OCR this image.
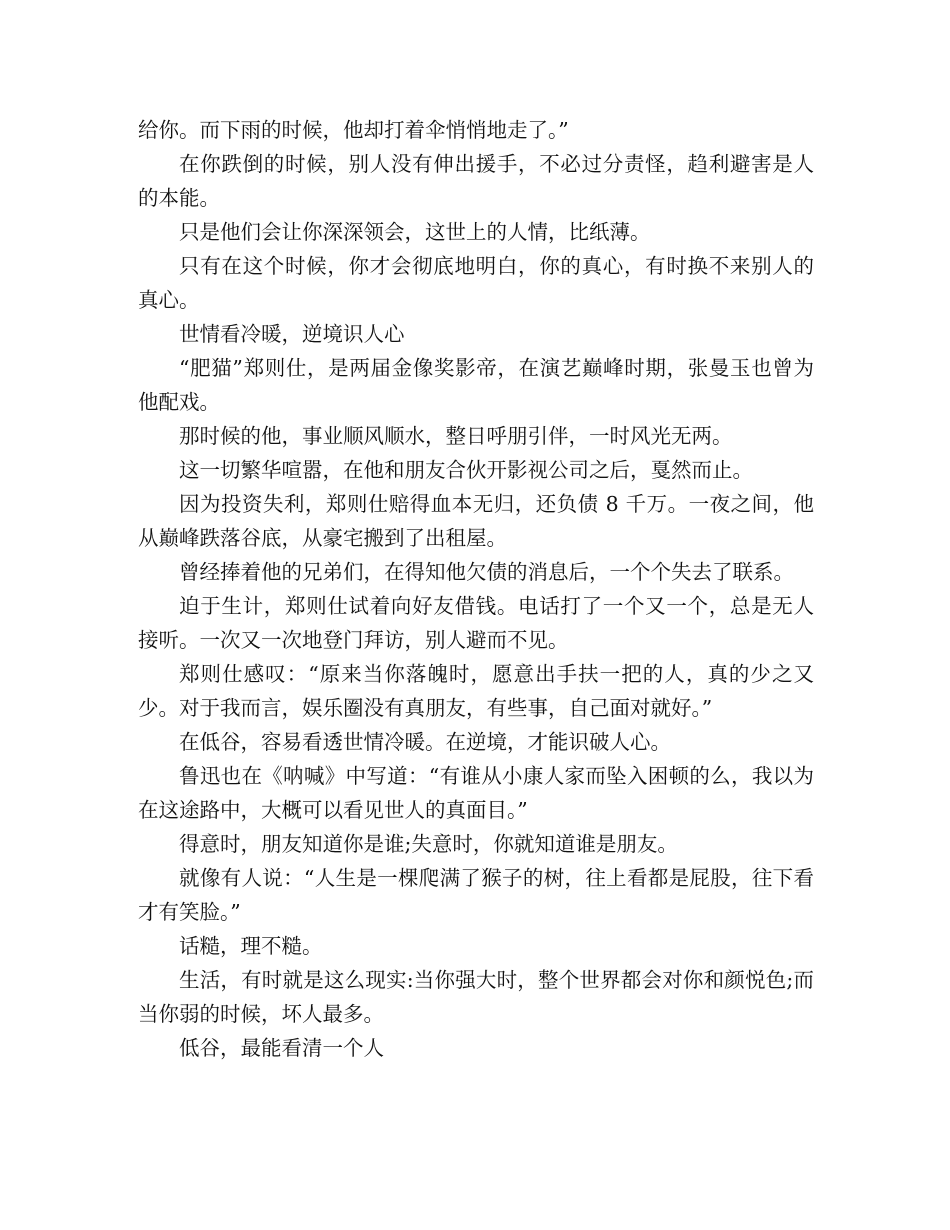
给你。而下雨的时候，他却打着伞悄悄地走了。”

在你跌倒的时候，别人没有伸出援手，不必过分责怪，趋利避害是人的本能。

只是他们会让你深深领会，这世上的人情，比纸薄。

只有在这个时候，你才会彻底地明白，你的真心，有时换不来别人的真心。

世情看冷暖，逆境识人心

“肥猫”郑则仕，是两届金像奖影帝，在演艺巅峰时期，张曼玉也曾为他配戏。

那时候的他，事业顺风顺水，整日呼朋引伴，一时风光无两。

这一切繁华喧嚣，在他和朋友合伙开影视公司之后，戛然而止。

因为投资失利，郑则仕赔得血本无归，还负债 8 千万。一夜之间，他从巅峰跌落谷底，从豪宅搬到了出租屋。

曾经捧着他的兄弟们，在得知他欠债的消息后，一个个失去了联系。

迫于生计，郑则仕试着向好友借钱。电话打了一个又一个，总是无人接听。一次又一次地登门拜访，别人避而不见。

郑则仕感叹：“原来当你落魄时，愿意出手扶一把的人，真的少之又少。对于我而言，娱乐圈没有真朋友，有些事，自己面对就好。”

在低谷，容易看透世情冷暖。在逆境，才能识破人心。

鲁迅也在《呐喊》中写道：“有谁从小康人家而坠入困顿的么，我以为在这途路中，大概可以看见世人的真面目。”

得意时，朋友知道你是谁;失意时，你就知道谁是朋友。

就像有人说：“人生是一棵爬满了猴子的树，往上看都是屁股，往下看才有笑脸。”

话糙，理不糙。

生活，有时就是这么现实:当你强大时，整个世界都会对你和颜悦色;而当你弱的时候，坏人最多。

低谷，最能看清一个人
